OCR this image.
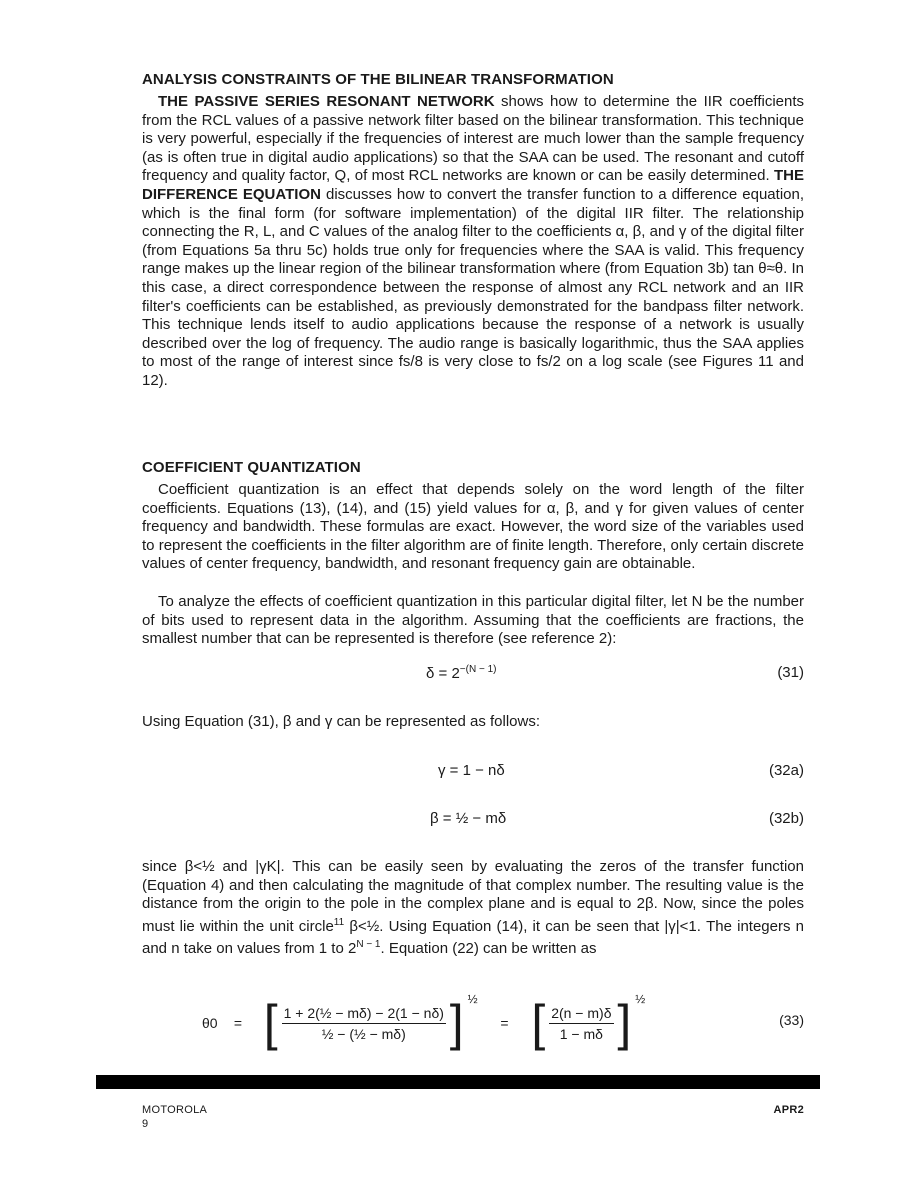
ANALYSIS CONSTRAINTS OF THE BILINEAR TRANSFORMATION

THE PASSIVE SERIES RESONANT NETWORK shows how to determine the IIR coefficients from the RCL values of a passive network filter based on the bilinear transformation. This technique is very powerful, especially if the frequencies of interest are much lower than the sample frequency (as is often true in digital audio applications) so that the SAA can be used. The resonant and cutoff frequency and quality factor, Q, of most RCL networks are known or can be easily determined. THE DIFFERENCE EQUATION discusses how to convert the transfer function to a difference equation, which is the final form (for software implementation) of the digital IIR filter. The relationship connecting the R, L, and C values of the analog filter to the coefficients α, β, and γ of the digital filter (from Equations 5a thru 5c) holds true only for frequencies where the SAA is valid. This frequency range makes up the linear region of the bilinear transformation where (from Equation 3b) tan θ≈θ. In this case, a direct correspondence between the response of almost any RCL network and an IIR filter's coefficients can be established, as previously demonstrated for the bandpass filter network. This technique lends itself to audio applications because the response of a network is usually described over the log of frequency. The audio range is basically logarithmic, thus the SAA applies to most of the range of interest since fs/8 is very close to fs/2 on a log scale (see Figures 11 and 12).

COEFFICIENT QUANTIZATION

Coefficient quantization is an effect that depends solely on the word length of the filter coefficients. Equations (13), (14), and (15) yield values for α, β, and γ for given values of center frequency and bandwidth. These formulas are exact. However, the word size of the variables used to represent the coefficients in the filter algorithm are of finite length. Therefore, only certain discrete values of center frequency, bandwidth, and resonant frequency gain are obtainable.

To analyze the effects of coefficient quantization in this particular digital filter, let N be the number of bits used to represent data in the algorithm. Assuming that the coefficients are fractions, the smallest number that can be represented is therefore (see reference 2):

$\delta = 2^{-(N - 1)}$	(31)

Using Equation (31), β and γ can be represented as follows:

γ = 1 − nδ	(32a)
β = ½ − mδ	(32b)

since β<½ and |γK|. This can be easily seen by evaluating the zeros of the transfer function (Equation 4) and then calculating the magnitude of that complex number. The resulting value is the distance from the origin to the pole in the complex plane and is equal to 2β. Now, since the poles must lie within the unit circle$^{11}$ β<½. Using Equation (14), it can be seen that |γ|<1. The integers n and n take on values from 1 to $2^{N - 1}$. Equation (22) can be written as

θ0 = [ $\frac{\text{1 + 2(½ − mδ) − 2(1 − nδ)}}{\text{½ − (½ − mδ)}}$ ] ½ = [ $\frac{2(n - m)\delta}{1 - m\delta}$ ] ½
(33)
MOTOROLA
9
APR2
